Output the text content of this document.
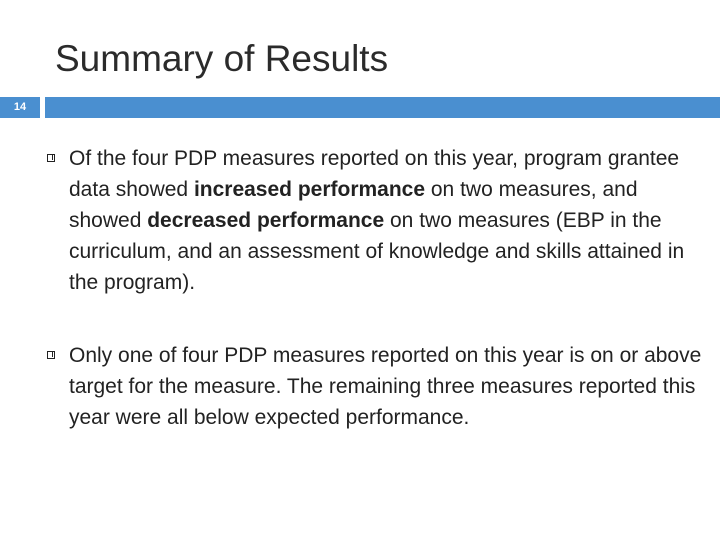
Summary of Results
14
Of the four PDP measures reported on this year, program grantee data showed increased performance on two measures, and showed decreased performance on two measures (EBP in the curriculum, and an assessment of knowledge and skills attained in the program).
Only one of four PDP measures reported on this year is on or above target for the measure. The remaining three measures reported this year were all below expected performance.
